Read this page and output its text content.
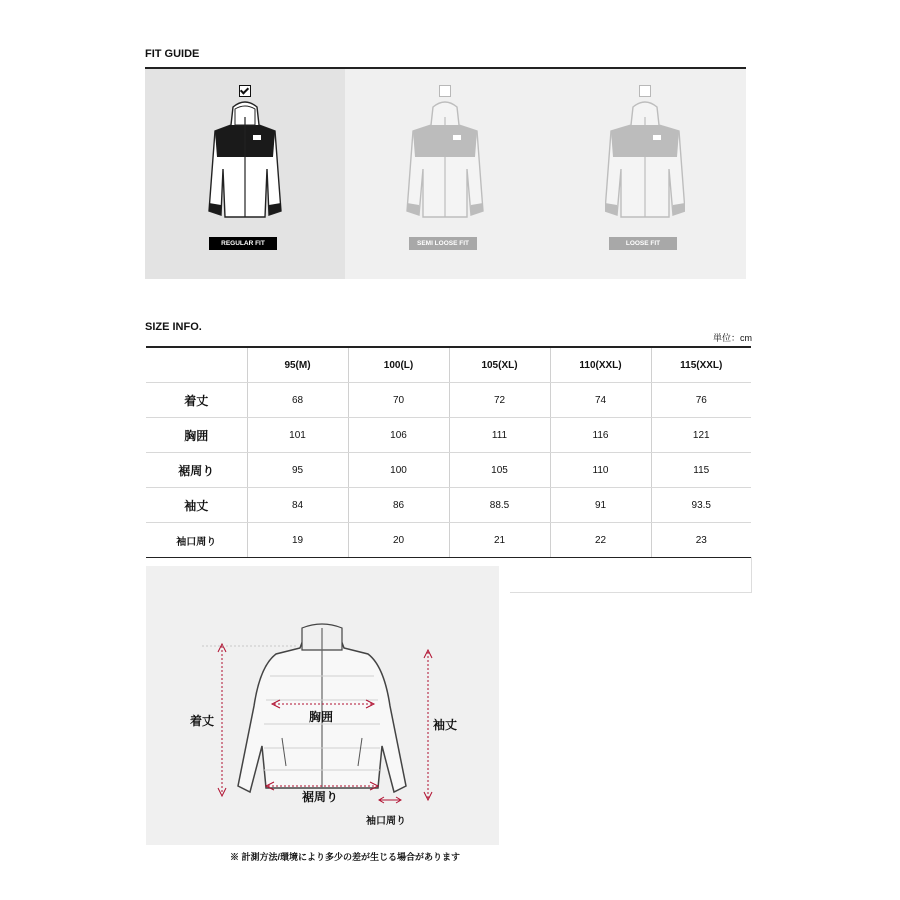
FIT GUIDE
REGULAR FIT	SEMI LOOSE FIT	LOOSE FIT
SIZE INFO.
単位：cm
	95(M)	100(L)	105(XL)	110(XXL)	115(XXL)
着丈	68	70	72	74	76
胸囲	101	106	111	116	121
裾周り	95	100	105	110	115
袖丈	84	86	88.5	91	93.5
袖口周り	19	20	21	22	23
着丈	胸囲
袖丈
裾周り
袖口周り
※ 計測方法/環境により多少の差が生じる場合があります
